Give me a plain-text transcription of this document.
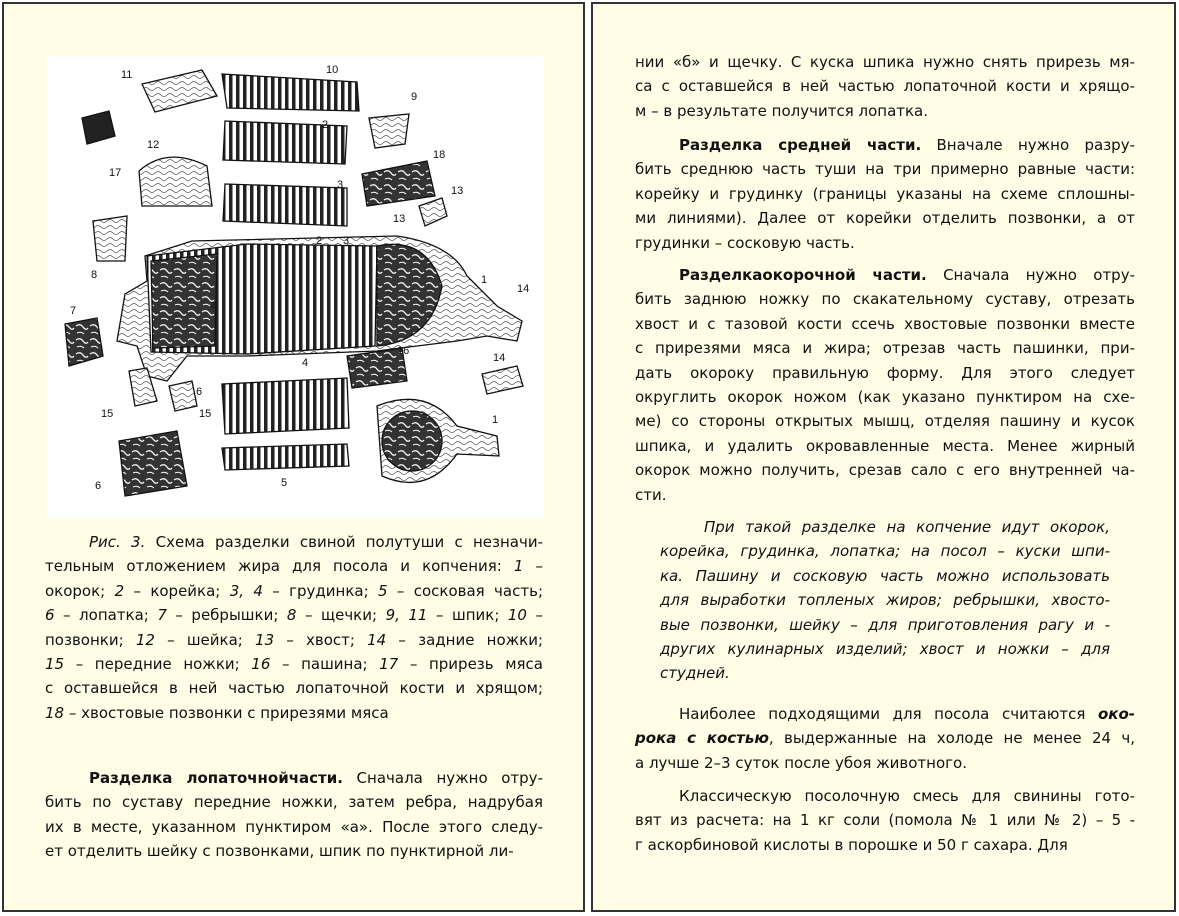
11	10
9
2
17
12
18
3	13
13
8
2 3
1
14
7	a
16
14
15
6
15
4
1
6	5
Рис. 3. Схема разделки свиной полутуши с незначи-
тельным отложением жира для посола и копчения: 1 –
окорок; 2 – корейка; 3, 4 – грудинка; 5 – сосковая часть;
6 – лопатка; 7 – ребрышки; 8 – щечки; 9, 11 – шпик; 10 –
позвонки; 12 – шейка; 13 – хвост; 14 – задние ножки;
15 – передние ножки; 16 – пашина; 17 – прирезь мяса
с оставшейся в ней частью лопаточной кости и хрящом;
18 – хвостовые позвонки с прирезями мяса
Разделка лопаточнойчасти. Сначала нужно отру-
бить по суставу передние ножки, затем ребра, надрубая
их в месте, указанном пунктиром «а». После этого следу-
ет отделить шейку с позвонками, шпик по пунктирной ли-
нии «б» и щечку. С куска шпика нужно снять прирезь мя-
са с оставшейся в ней частью лопаточной кости и хрящо-
м – в результате получится лопатка.
Разделка средней части. Вначале нужно разру-
бить среднюю часть туши на три примерно равные части:
корейку и грудинку (границы указаны на схеме сплошны-
ми линиями). Далее от корейки отделить позвонки, а от
грудинки – сосковую часть.
Разделкаокорочной части. Сначала нужно отру-
бить заднюю ножку по скакательному суставу, отрезать
хвост и с тазовой кости ссечь хвостовые позвонки вместе
с прирезями мяса и жира; отрезав часть пашинки, при-
дать окороку правильную форму. Для этого следует
округлить окорок ножом (как указано пунктиром на схе-
ме) со стороны открытых мышц, отделяя пашину и кусок
шпика, и удалить окровавленные места. Менее жирный
окорок можно получить, срезав сало с его внутренней ча-
сти.
При такой разделке на копчение идут окорок,
корейка, грудинка, лопатка; на посол – куски шпи-
ка. Пашину и сосковую часть можно использовать
для выработки топленых жиров; ребрышки, хвосто-
вые позвонки, шейку – для приготовления рагу и -
других кулинарных изделий; хвост и ножки – для
студней.
Наиболее подходящими для посола считаются око-
рока с костью, выдержанные на холоде не менее 24 ч,
а лучше 2–3 суток после убоя животного.
Классическую посолочную смесь для свинины гото-
вят из расчета: на 1 кг соли (помола № 1 или № 2) – 5 -
г аскорбиновой кислоты в порошке и 50 г сахара. Для
